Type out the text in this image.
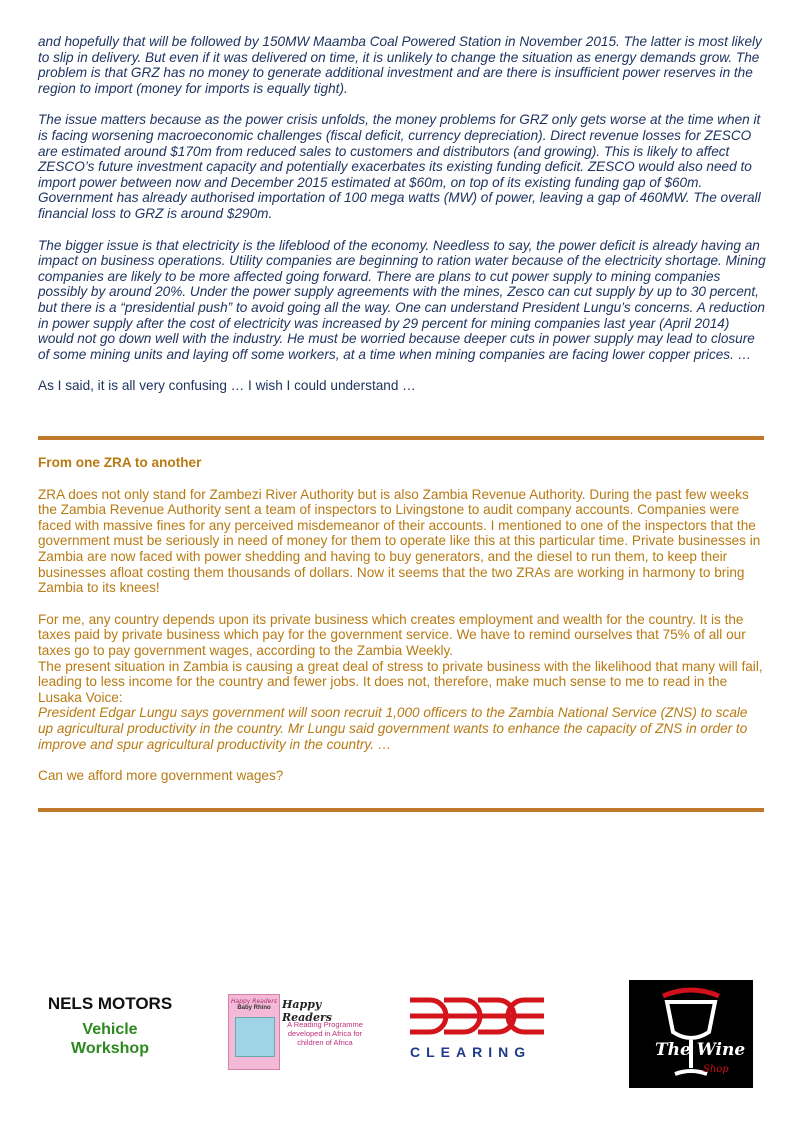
and hopefully that will be followed by 150MW Maamba Coal Powered Station in November 2015. The latter is most likely to slip in delivery. But even if it was delivered on time, it is unlikely to change the situation as energy demands grow. The problem is that GRZ has no money to generate additional investment and are there is insufficient power reserves in the region to import (money for imports is equally tight).

The issue matters because as the power crisis unfolds, the money problems for GRZ only gets worse at the time when it is facing worsening macroeconomic challenges (fiscal deficit, currency depreciation). Direct revenue losses for ZESCO are estimated around $170m from reduced sales to customers and distributors (and growing). This is likely to affect ZESCO’s future investment capacity and potentially exacerbates its existing funding deficit. ZESCO would also need to import power between now and December 2015 estimated at $60m, on top of its existing funding gap of $60m. Government has already authorised importation of 100 mega watts (MW) of power, leaving a gap of 460MW. The overall financial loss to GRZ is around $290m.

The bigger issue is that electricity is the lifeblood of the economy. Needless to say, the power deficit is already having an impact on business operations. Utility companies are beginning to ration water because of the electricity shortage. Mining companies are likely to be more affected going forward. There are plans to cut power supply to mining companies possibly by around 20%. Under the power supply agreements with the mines, Zesco can cut supply by up to 30 percent, but there is a “presidential push” to avoid going all the way. One can understand President Lungu’s concerns. A reduction in power supply after the cost of electricity was increased by 29 percent for mining companies last year (April 2014) would not go down well with the industry. He must be worried because deeper cuts in power supply may lead to closure of some mining units and laying off some workers, at a time when mining companies are facing lower copper prices. …

As I said, it is all very confusing … I wish I could understand …

From one ZRA to another

ZRA does not only stand for Zambezi River Authority but is also Zambia Revenue Authority. During the past few weeks the Zambia Revenue Authority sent a team of inspectors to Livingstone to audit company accounts. Companies were faced with massive fines for any perceived misdemeanor of their accounts. I mentioned to one of the inspectors that the government must be seriously in need of money for them to operate like this at this particular time. Private businesses in Zambia are now faced with power shedding and having to buy generators, and the diesel to run them, to keep their businesses afloat costing them thousands of dollars. Now it seems that the two ZRAs are working in harmony to bring Zambia to its knees!

For me, any country depends upon its private business which creates employment and wealth for the country. It is the taxes paid by private business which pay for the government service. We have to remind ourselves that 75% of all our taxes go to pay government wages, according to the Zambia Weekly.

The present situation in Zambia is causing a great deal of stress to private business with the likelihood that many will fail, leading to less income for the country and fewer jobs. It does not, therefore, make much sense to me to read in the Lusaka Voice:

President Edgar Lungu says government will soon recruit 1,000 officers to the Zambia National Service (ZNS) to scale up agricultural productivity in the country. Mr Lungu said government wants to enhance the capacity of ZNS in order to improve and spur agricultural productivity in the country. …

Can we afford more government wages?

NELS MOTORS
Vehicle
Workshop
Happy Readers
Baby Rhino	Happy Readers
A Reading Programme developed in Africa for children of Africa
CLEARING	The Wine
Shop
